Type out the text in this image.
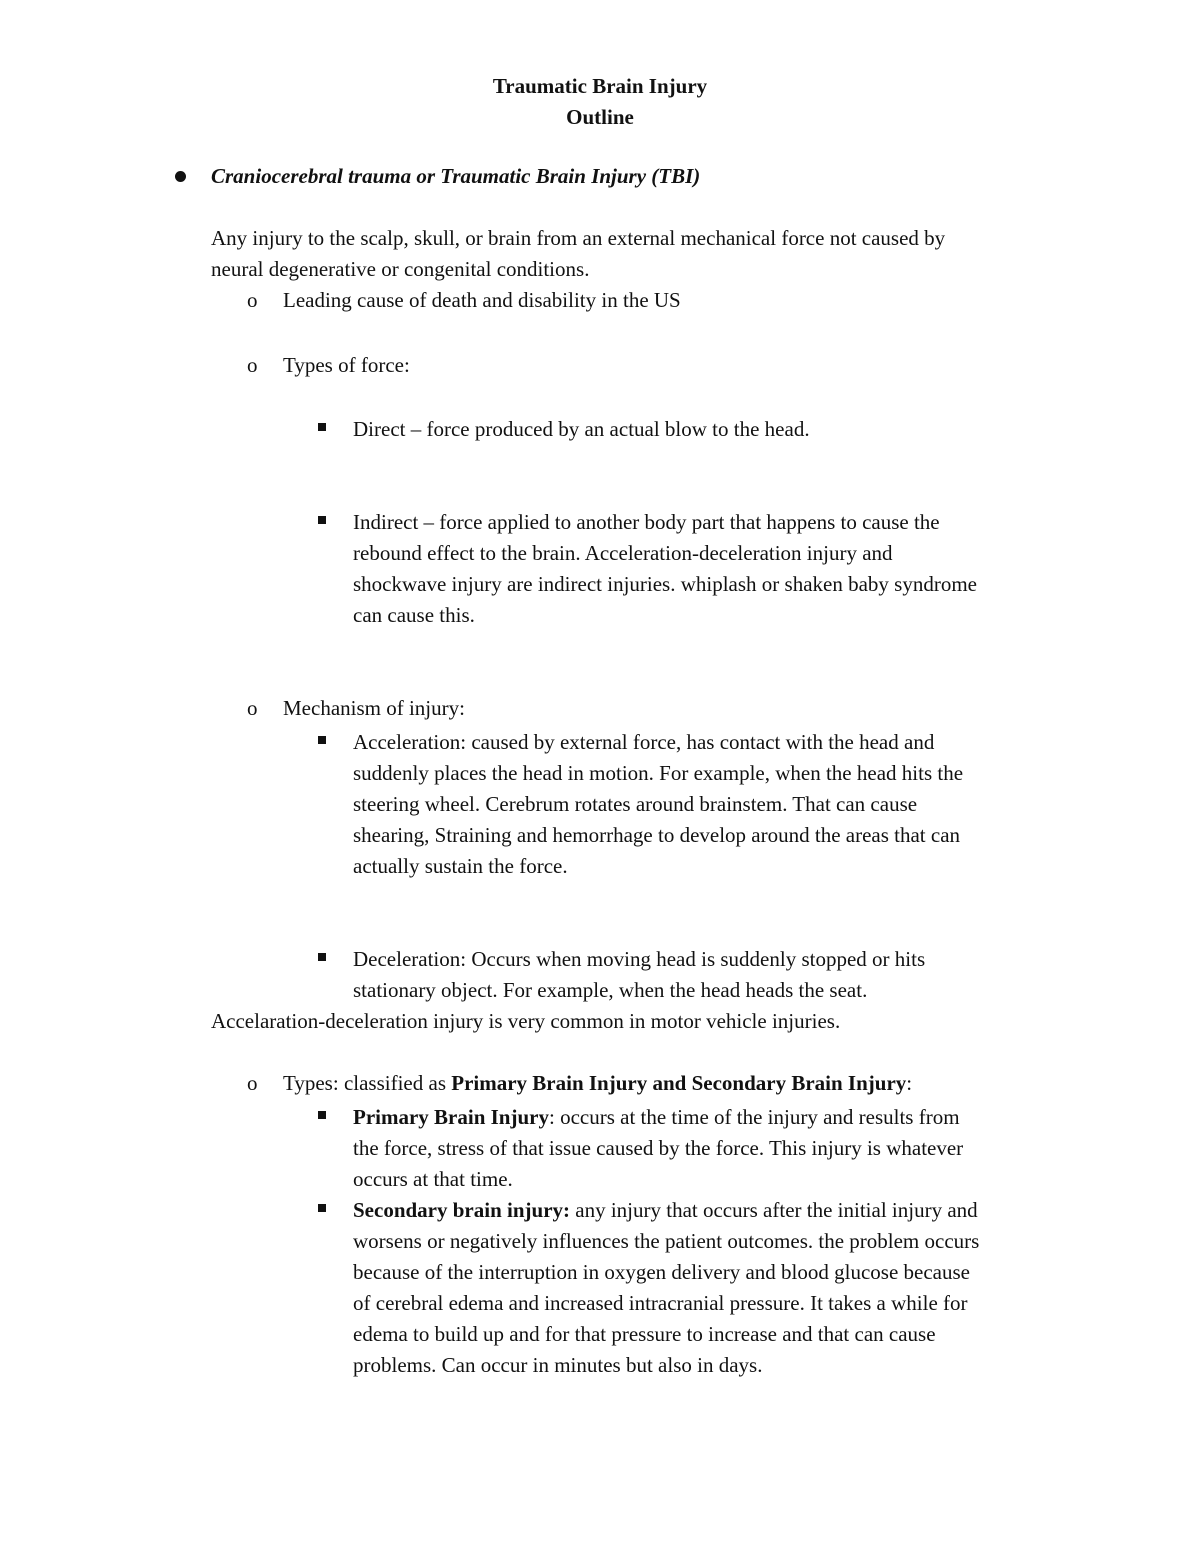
Traumatic Brain Injury
Outline
Craniocerebral trauma or Traumatic Brain Injury (TBI)
Any injury to the scalp, skull, or brain from an external mechanical force not caused by
neural degenerative or congenital conditions.
o Leading cause of death and disability in the US
o Types of force:
Direct – force produced by an actual blow to the head.
Indirect – force applied to another body part that happens to cause the
rebound effect to the brain. Acceleration-deceleration injury and
shockwave injury are indirect injuries. whiplash or shaken baby syndrome
can cause this.
o Mechanism of injury:
Acceleration: caused by external force, has contact with the head and
suddenly places the head in motion. For example, when the head hits the
steering wheel. Cerebrum rotates around brainstem. That can cause
shearing, Straining and hemorrhage to develop around the areas that can
actually sustain the force.
Deceleration: Occurs when moving head is suddenly stopped or hits
stationary object. For example, when the head heads the seat.
Accelaration-deceleration injury is very common in motor vehicle injuries.
o Types: classified as Primary Brain Injury and Secondary Brain Injury:
Primary Brain Injury: occurs at the time of the injury and results from
the force, stress of that issue caused by the force. This injury is whatever
occurs at that time.
Secondary brain injury: any injury that occurs after the initial injury and
worsens or negatively influences the patient outcomes. the problem occurs
because of the interruption in oxygen delivery and blood glucose because
of cerebral edema and increased intracranial pressure. It takes a while for
edema to build up and for that pressure to increase and that can cause
problems. Can occur in minutes but also in days.
